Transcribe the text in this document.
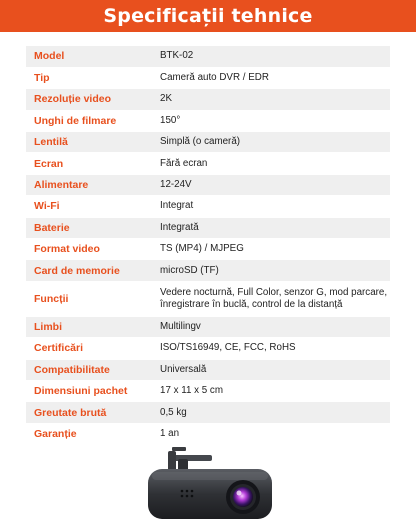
Specificații tehnice
Model	BTK-02
Tip	Cameră auto DVR / EDR
Rezoluție video	2K
Unghi de filmare	150°
Lentilă	Simplă (o cameră)
Ecran	Fără ecran
Alimentare	12-24V
Wi-Fi	Integrat
Baterie	Integrată
Format video	TS (MP4) / MJPEG
Card de memorie	microSD (TF)
Funcții	Vedere nocturnă, Full Color, senzor G, mod parcare, înregistrare în buclă, control de la distanță
Limbi	Multilingv
Certificări	ISO/TS16949, CE, FCC, RoHS
Compatibilitate	Universală
Dimensiuni pachet	17 x 11 x 5 cm
Greutate brută	0,5 kg
Garanție	1 an
